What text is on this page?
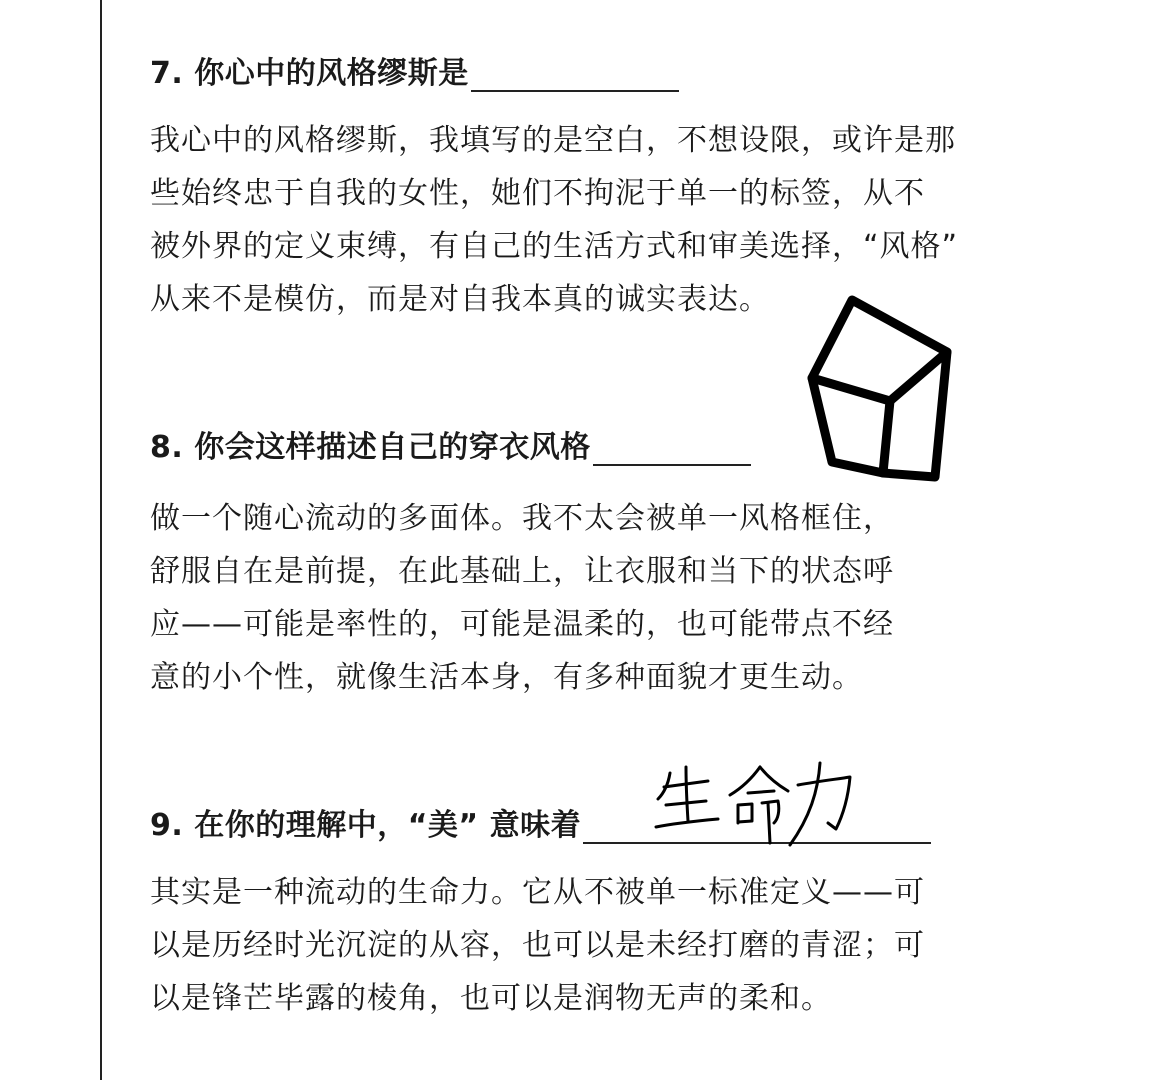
7. 你心中的风格缪斯是
我心中的风格缪斯，我填写的是空白，不想设限，或许是那
些始终忠于自我的女性，她们不拘泥于单一的标签，从不
被外界的定义束缚，有自己的生活方式和审美选择，“风格”
从来不是模仿，而是对自我本真的诚实表达。
8. 你会这样描述自己的穿衣风格
做一个随心流动的多面体。我不太会被单一风格框住，
舒服自在是前提，在此基础上，让衣服和当下的状态呼
应——可能是率性的，可能是温柔的，也可能带点不经
意的小个性，就像生活本身，有多种面貌才更生动。
9. 在你的理解中，“美” 意味着
其实是一种流动的生命力。它从不被单一标准定义——可
以是历经时光沉淀的从容，也可以是未经打磨的青涩；可
以是锋芒毕露的棱角，也可以是润物无声的柔和。
